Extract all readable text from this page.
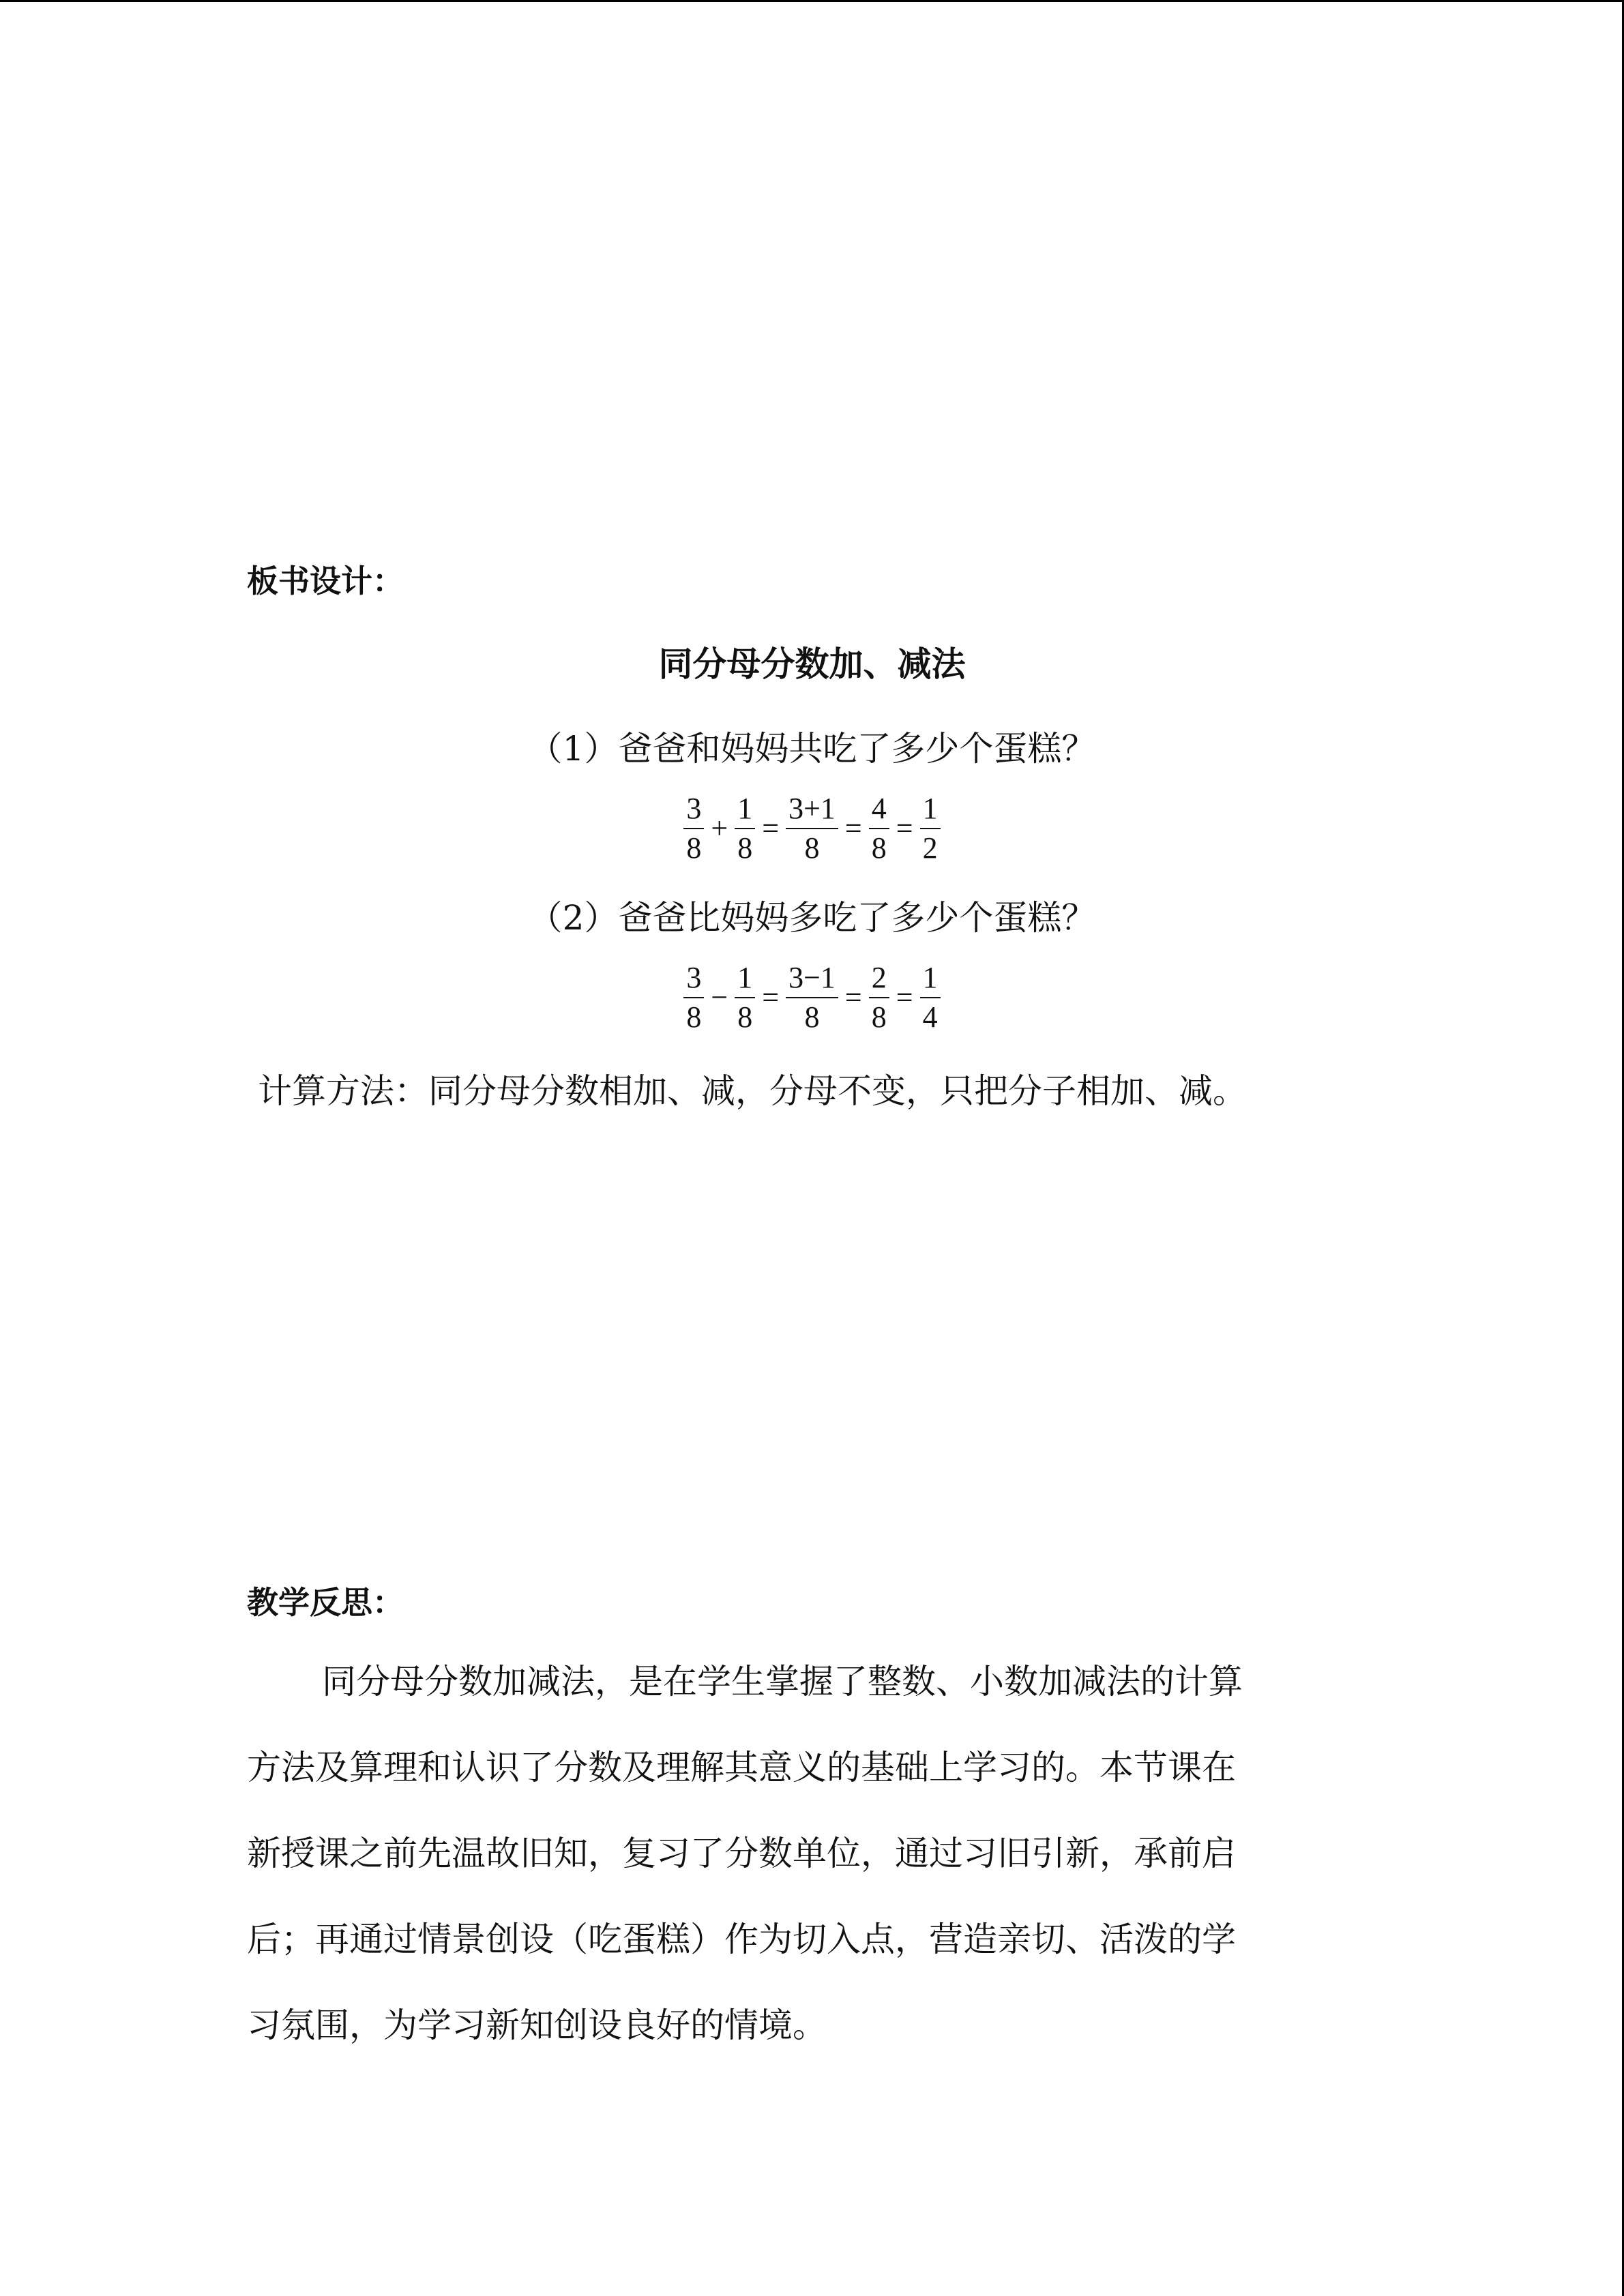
板书设计：
同分母分数加、减法
（1）爸爸和妈妈共吃了多少个蛋糕？
$\frac{3}{8} + \frac{1}{8} = \frac{3+1}{8} = \frac{4}{8} = \frac{1}{2}$
（2）爸爸比妈妈多吃了多少个蛋糕？
$\frac{3}{8} - \frac{1}{8} = \frac{3-1}{8} = \frac{2}{8} = \frac{1}{4}$
计算方法：同分母分数相加、减，分母不变，只把分子相加、减。
教学反思：
同分母分数加减法，是在学生掌握了整数、小数加减法的计算
方法及算理和认识了分数及理解其意义的基础上学习的。本节课在
新授课之前先温故旧知，复习了分数单位，通过习旧引新，承前启
后；再通过情景创设（吃蛋糕）作为切入点，营造亲切、活泼的学
习氛围，为学习新知创设良好的情境。
